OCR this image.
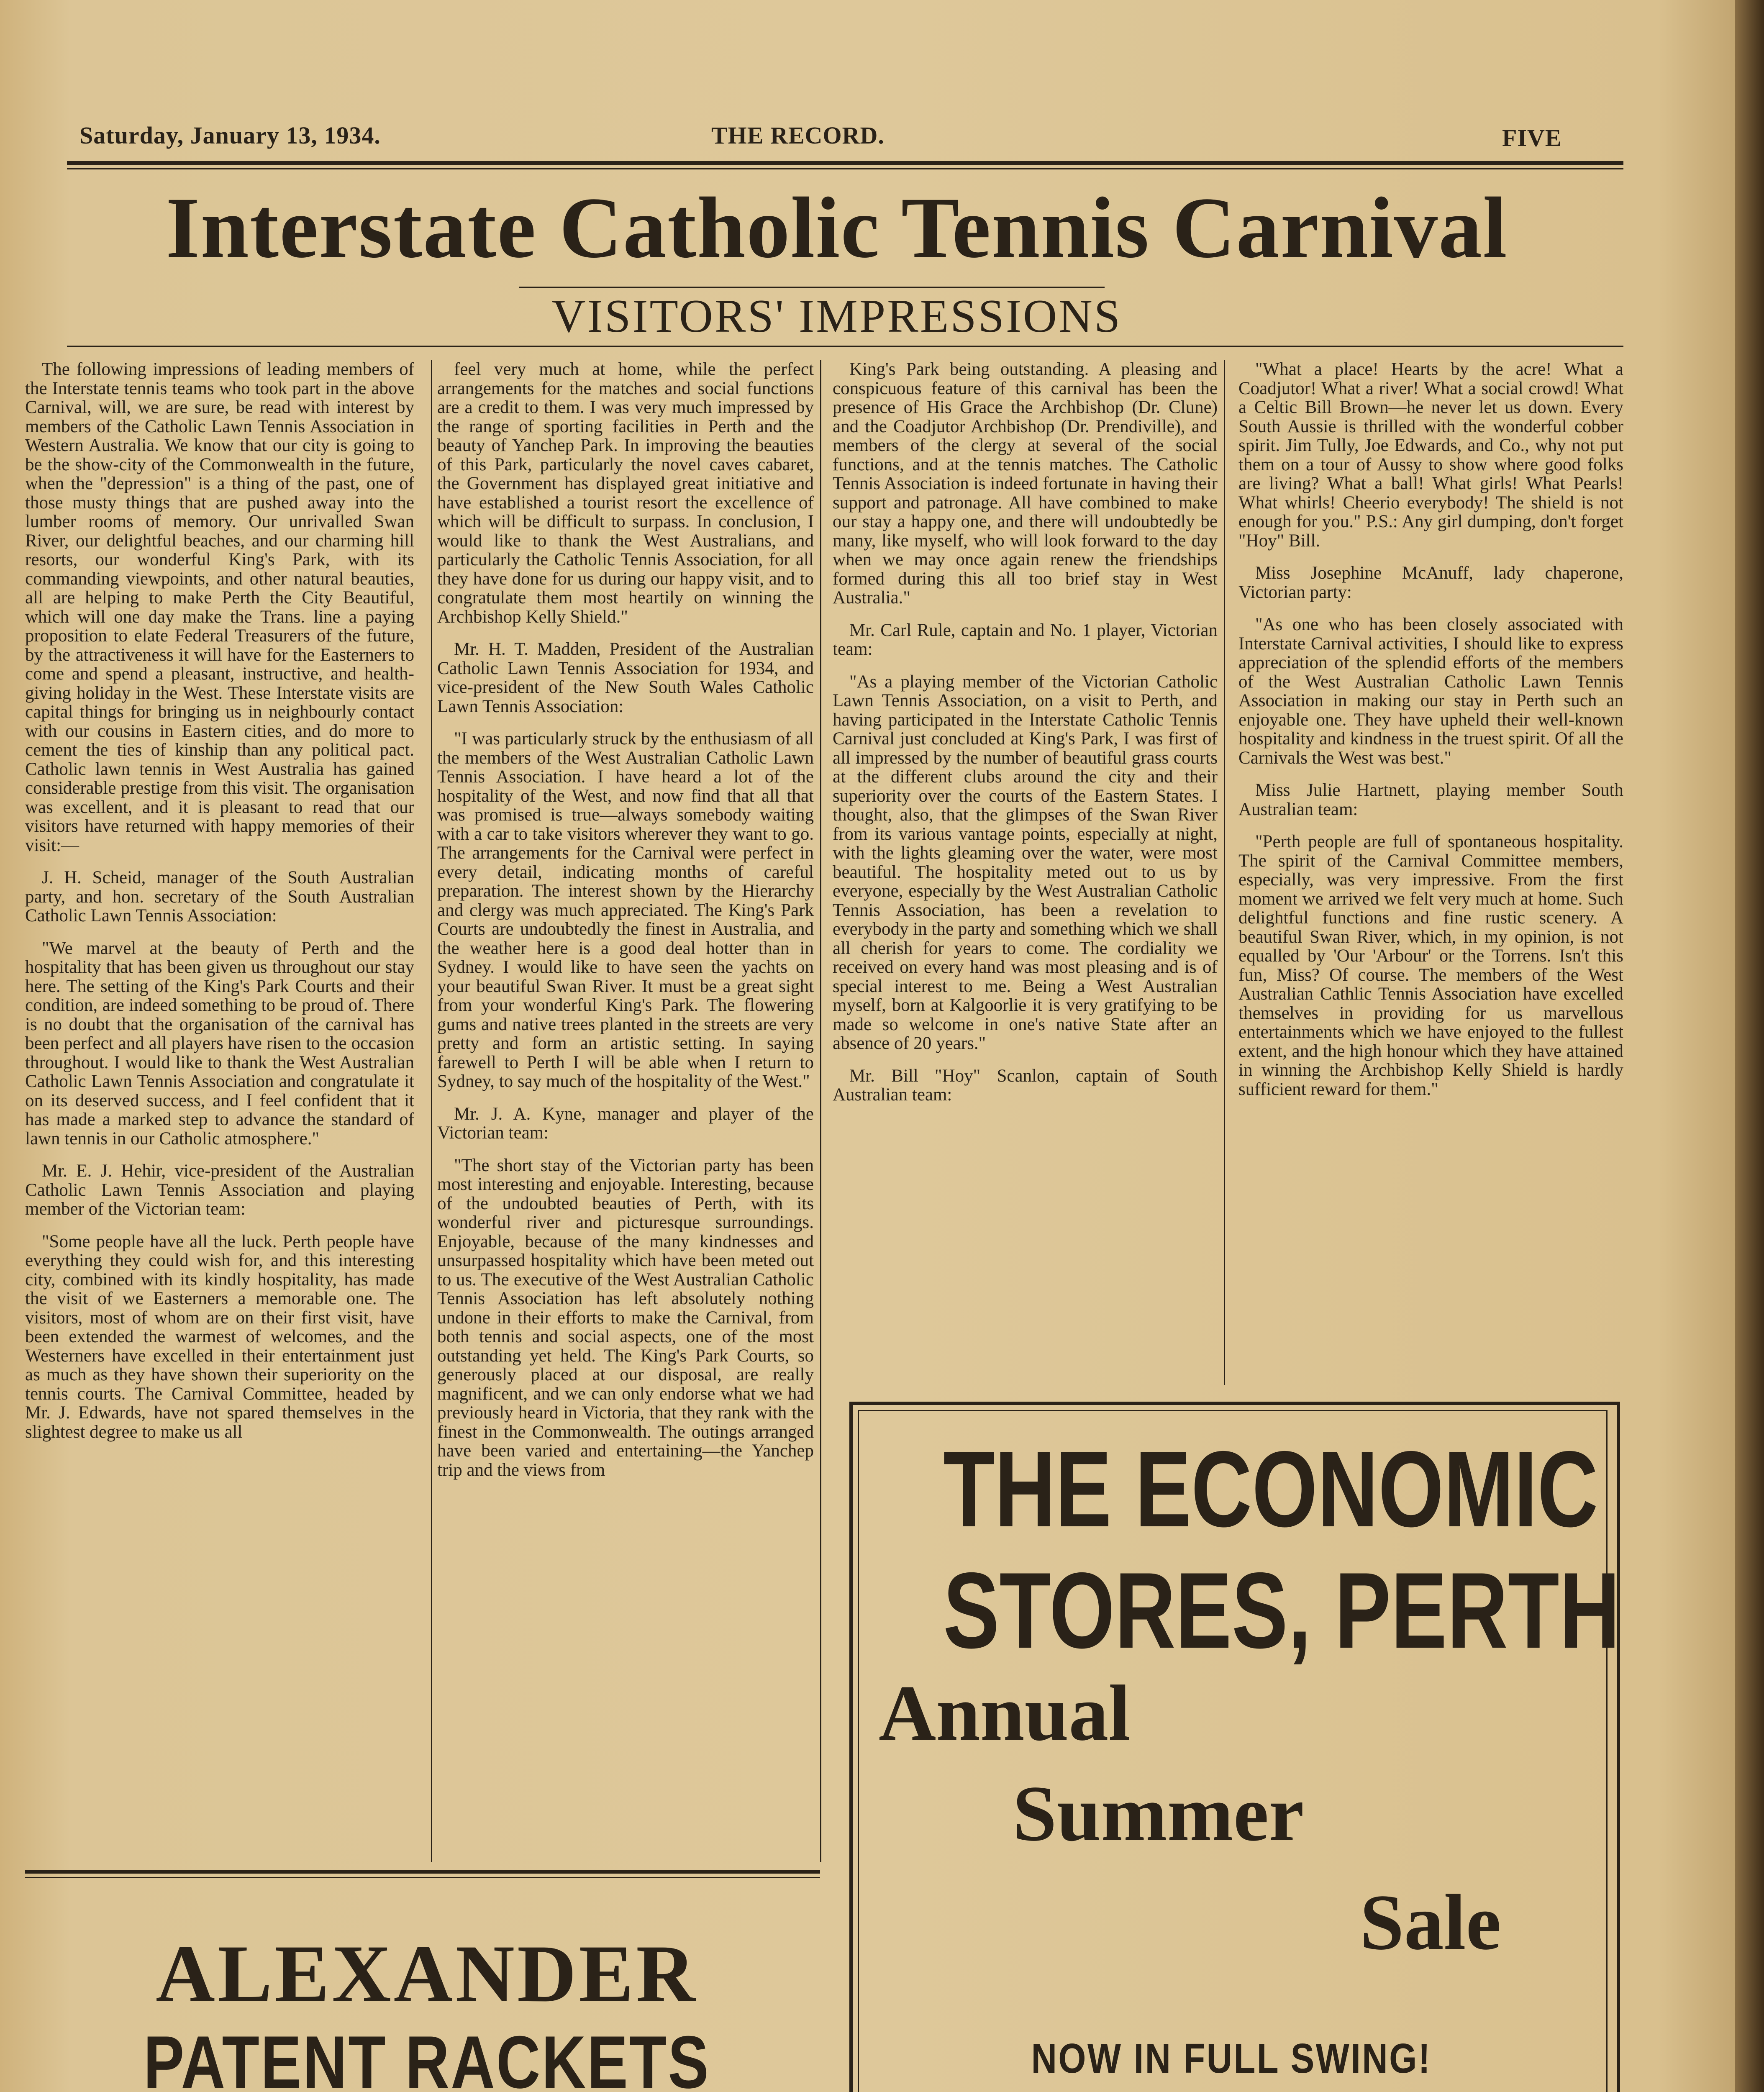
Saturday, January 13, 1934.	THE RECORD.	FIVE
Interstate Catholic Tennis Carnival
VISITORS' IMPRESSIONS

The following impressions of leading members of the Interstate tennis teams who took part in the above Carnival, will, we are sure, be read with interest by members of the Catholic Lawn Tennis Association in Western Australia. We know that our city is going to be the show-city of the Commonwealth in the future, when the "depression" is a thing of the past, one of those musty things that are pushed away into the lumber rooms of memory. Our unrivalled Swan River, our delightful beaches, and our charming hill resorts, our wonderful King's Park, with its commanding viewpoints, and other natural beauties, all are helping to make Perth the City Beautiful, which will one day make the Trans. line a paying proposition to elate Federal Treasurers of the future, by the attractiveness it will have for the Easterners to come and spend a pleasant, instructive, and health-giving holiday in the West. These Interstate visits are capital things for bringing us in neighbourly contact with our cousins in Eastern cities, and do more to cement the ties of kinship than any political pact. Catholic lawn tennis in West Australia has gained considerable prestige from this visit. The organisation was excellent, and it is pleasant to read that our visitors have returned with happy memories of their visit:—

J. H. Scheid, manager of the South Australian party, and hon. secretary of the South Australian Catholic Lawn Tennis Association:

"We marvel at the beauty of Perth and the hospitality that has been given us throughout our stay here. The setting of the King's Park Courts and their condition, are indeed something to be proud of. There is no doubt that the organisation of the carnival has been perfect and all players have risen to the occasion throughout. I would like to thank the West Australian Catholic Lawn Tennis Association and congratulate it on its deserved success, and I feel confident that it has made a marked step to advance the standard of lawn tennis in our Catholic atmosphere."

Mr. E. J. Hehir, vice-president of the Australian Catholic Lawn Tennis Association and playing member of the Victorian team:

"Some people have all the luck. Perth people have everything they could wish for, and this interesting city, combined with its kindly hospitality, has made the visit of we Easterners a memorable one. The visitors, most of whom are on their first visit, have been extended the warmest of welcomes, and the Westerners have excelled in their entertainment just as much as they have shown their superiority on the tennis courts. The Carnival Committee, headed by Mr. J. Edwards, have not spared themselves in the slightest degree to make us all

feel very much at home, while the perfect arrangements for the matches and social functions are a credit to them. I was very much impressed by the range of sporting facilities in Perth and the beauty of Yanchep Park. In improving the beauties of this Park, particularly the novel caves cabaret, the Government has displayed great initiative and have established a tourist resort the excellence of which will be difficult to surpass. In conclusion, I would like to thank the West Australians, and particularly the Catholic Tennis Association, for all they have done for us during our happy visit, and to congratulate them most heartily on winning the Archbishop Kelly Shield."

Mr. H. T. Madden, President of the Australian Catholic Lawn Tennis Association for 1934, and vice-president of the New South Wales Catholic Lawn Tennis Association:

"I was particularly struck by the enthusiasm of all the members of the West Australian Catholic Lawn Tennis Association. I have heard a lot of the hospitality of the West, and now find that all that was promised is true—always somebody waiting with a car to take visitors wherever they want to go. The arrangements for the Carnival were perfect in every detail, indicating months of careful preparation. The interest shown by the Hierarchy and clergy was much appreciated. The King's Park Courts are undoubtedly the finest in Australia, and the weather here is a good deal hotter than in Sydney. I would like to have seen the yachts on your beautiful Swan River. It must be a great sight from your wonderful King's Park. The flowering gums and native trees planted in the streets are very pretty and form an artistic setting. In saying farewell to Perth I will be able when I return to Sydney, to say much of the hospitality of the West."

Mr. J. A. Kyne, manager and player of the Victorian team:

"The short stay of the Victorian party has been most interesting and enjoyable. Interesting, because of the undoubted beauties of Perth, with its wonderful river and picturesque surroundings. Enjoyable, because of the many kindnesses and unsurpassed hospitality which have been meted out to us. The executive of the West Australian Catholic Tennis Association has left absolutely nothing undone in their efforts to make the Carnival, from both tennis and social aspects, one of the most outstanding yet held. The King's Park Courts, so generously placed at our disposal, are really magnificent, and we can only endorse what we had previously heard in Victoria, that they rank with the finest in the Commonwealth. The outings arranged have been varied and entertaining—the Yanchep trip and the views from

King's Park being outstanding. A pleasing and conspicuous feature of this carnival has been the presence of His Grace the Archbishop (Dr. Clune) and the Coadjutor Archbishop (Dr. Prendiville), and members of the clergy at several of the social functions, and at the tennis matches. The Catholic Tennis Association is indeed fortunate in having their support and patronage. All have combined to make our stay a happy one, and there will undoubtedly be many, like myself, who will look forward to the day when we may once again renew the friendships formed during this all too brief stay in West Australia."

Mr. Carl Rule, captain and No. 1 player, Victorian team:

"As a playing member of the Victorian Catholic Lawn Tennis Association, on a visit to Perth, and having participated in the Interstate Catholic Tennis Carnival just concluded at King's Park, I was first of all impressed by the number of beautiful grass courts at the different clubs around the city and their superiority over the courts of the Eastern States. I thought, also, that the glimpses of the Swan River from its various vantage points, especially at night, with the lights gleaming over the water, were most beautiful. The hospitality meted out to us by everyone, especially by the West Australian Catholic Tennis Association, has been a revelation to everybody in the party and something which we shall all cherish for years to come. The cordiality we received on every hand was most pleasing and is of special interest to me. Being a West Australian myself, born at Kalgoorlie it is very gratifying to be made so welcome in one's native State after an absence of 20 years."

Mr. Bill "Hoy" Scanlon, captain of South Australian team:

"What a place! Hearts by the acre! What a Coadjutor! What a river! What a social crowd! What a Celtic Bill Brown—he never let us down. Every South Aussie is thrilled with the wonderful cobber spirit. Jim Tully, Joe Edwards, and Co., why not put them on a tour of Aussy to show where good folks are living? What a ball! What girls! What Pearls! What whirls! Cheerio everybody! The shield is not enough for you." P.S.: Any girl dumping, don't forget "Hoy" Bill.

Miss Josephine McAnuff, lady chaperone, Victorian party:

"As one who has been closely associated with Interstate Carnival activities, I should like to express appreciation of the splendid efforts of the members of the West Australian Catholic Lawn Tennis Association in making our stay in Perth such an enjoyable one. They have upheld their well-known hospitality and kindness in the truest spirit. Of all the Carnivals the West was best."

Miss Julie Hartnett, playing member South Australian team:

"Perth people are full of spontaneous hospitality. The spirit of the Carnival Committee members, especially, was very impressive. From the first moment we arrived we felt very much at home. Such delightful functions and fine rustic scenery. A beautiful Swan River, which, in my opinion, is not equalled by 'Our 'Arbour' or the Torrens. Isn't this fun, Miss? Of course. The members of the West Australian Cathlic Tennis Association have excelled themselves in providing for us marvellous entertainments which we have enjoyed to the fullest extent, and the high honour which they have attained in winning the Archbishop Kelly Shield is hardly sufficient reward for them."

ALEXANDER
PATENT RACKETS
THE ECONOMIC
STORES, PERTH
Annual
Summer
Sale
NOW IN FULL SWING!
